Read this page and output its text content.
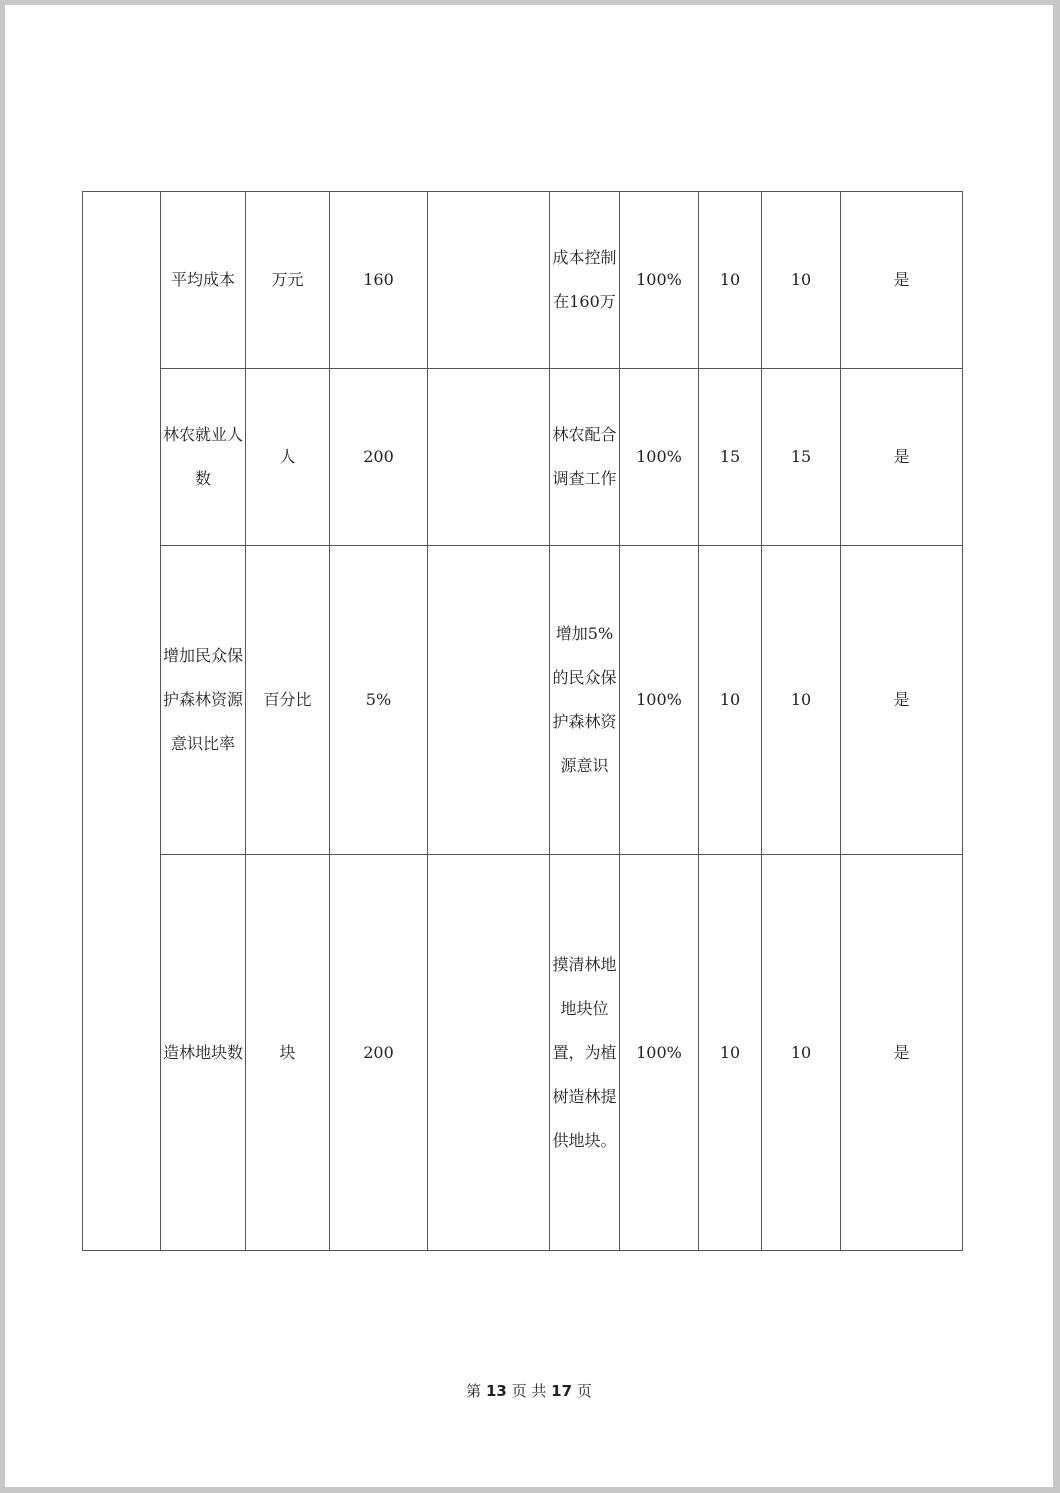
	平均成本	万元	160		成本控制在160万	100%	10	10	是
	林农就业人数	人	200		林农配合调查工作	100%	15	15	是
	增加民众保护森林资源意识比率	百分比	5%		增加5%的民众保护森林资源意识	100%	10	10	是
	造林地块数	块	200		摸清林地地块位置，为植树造林提供地块。	100%	10	10	是
第 13 页 共 17 页
